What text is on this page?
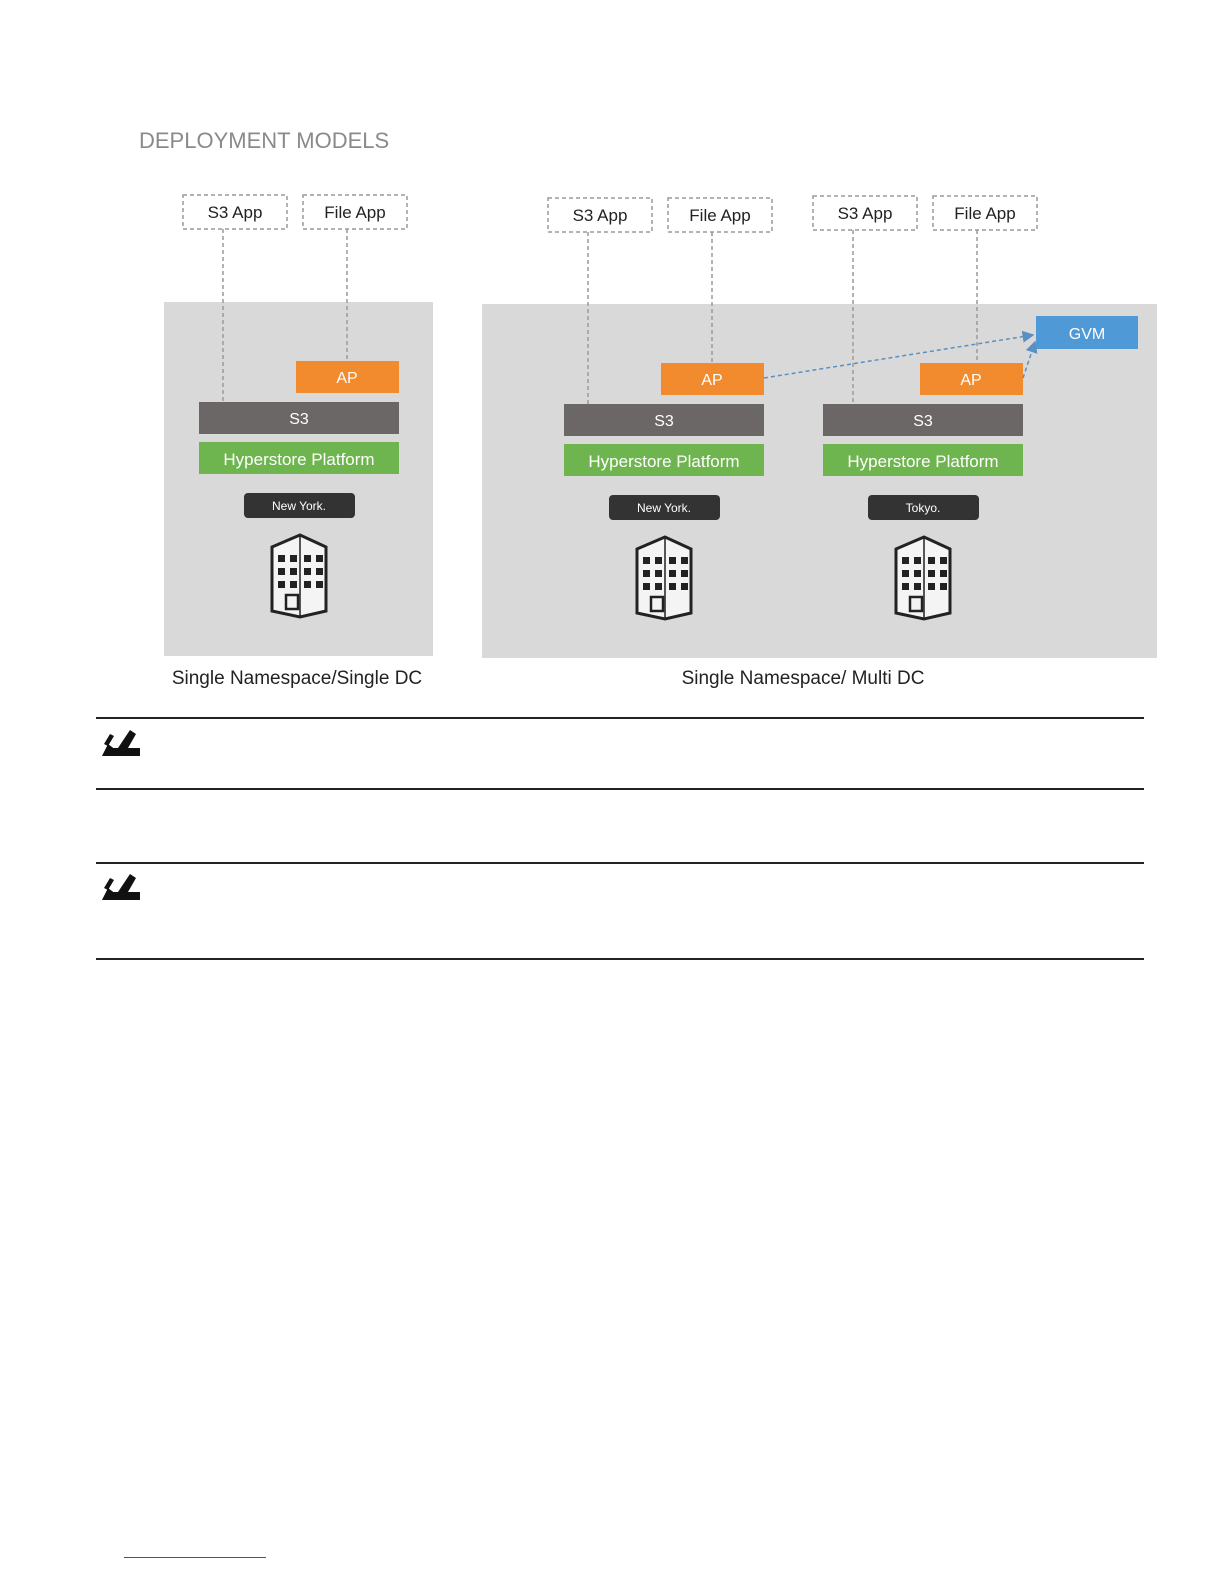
DEPLOYMENT MODELS
S3 App	File App
AP
S3
Hyperstore Platform
New York.
Single Namespace/Single DC
S3 App	File App
AP
S3
Hyperstore Platform
New York.
S3 App	File App
AP
S3
Hyperstore Platform
Tokyo.
GVM
Single Namespace/ Multi DC
